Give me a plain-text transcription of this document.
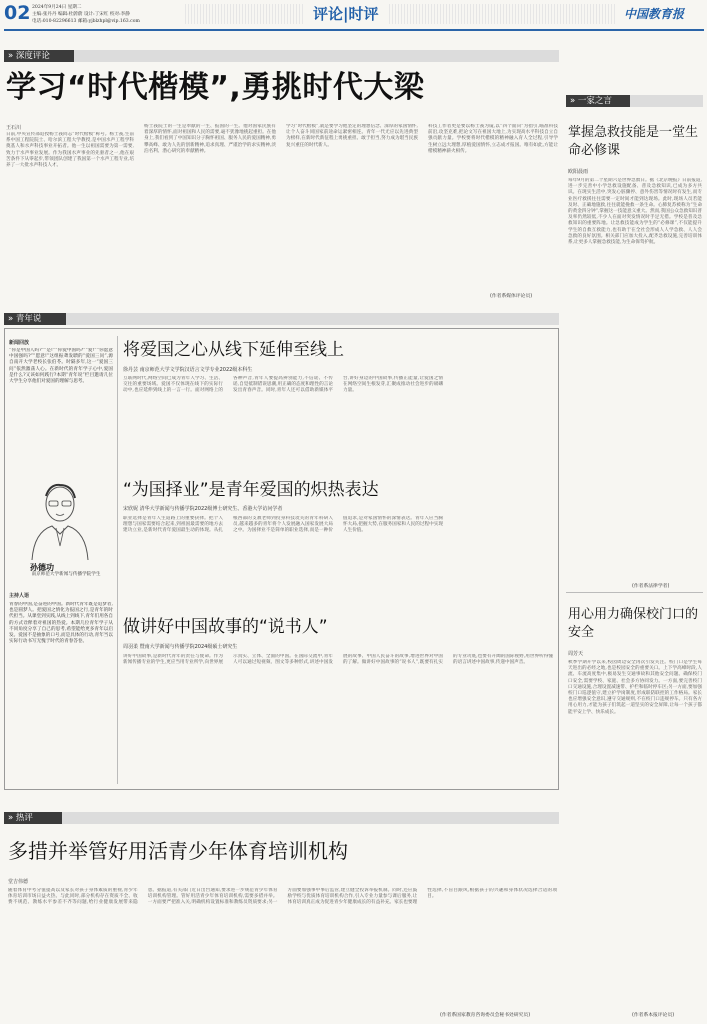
02 2024年9月24日 星期二
主编:张丹丹 编辑:杜蔚蔚 设计:丁宋红 校对:李静
电话:010-82296613 邮箱:yjblzhpl@vip.163.com	评论|时评	中国教育报
» 深度评论
学习“时代楷模”,勇挑时代大梁
王石川
日前,中央宣传部追授杨士莪同志“时代楷模”称号。杨士莪,生前系中国工程院院士、哈尔滨工程大学教授,是中国水声工程学科奠基人和水声科技事业开拓者。他一生以祖国需要为第一需要,致力于水声事业发展。作为我国水声事业的先驱者之一,他在艰苦条件下从零起步,带领团队创建了我国第一个水声工程专业,培养了一大批水声科技人才。
杨士莪院士的一生是奉献的一生、报国的一生。他对国家民族有着深厚的情怀,面对祖国和人民的需要,毫不犹豫地挑起重担。在他身上,我们看到了中国知识分子胸怀祖国、服务人民的爱国精神,勇攀高峰、敢为人先的创新精神,追求真理、严谨治学的求实精神,淡泊名利、潜心研究的奉献精神。
学习“时代楷模”,就是要学习他坚定的理想信念、深厚的家国情怀,让个人奋斗同国家前途命运紧密相连。青年一代尤应以先进典型为榜样,在新时代新征程上勇挑重担、敢于担当,努力成为堪当民族复兴重任的时代新人。
科技工作者更是要以杨士莪为镜,以“四个面向”为指引,瞄准科技前沿,攻坚克难,把论文写在祖国大地上,为实现高水平科技自立自强贡献力量。学校要将时代楷模的精神融入育人全过程,引导学生树立远大理想,厚植爱国情怀,立志成才报国。唯有如此,方能让楷模精神薪火相传。
(作者系媒体评论员)
» 青年说
新闻回放
“你是中国人吗?”“是!”“你爱中国吗?”“爱!”“你愿意中国强吗?”“愿意!”这组振聋发聩的“爱国三问”,源自南开大学老校长张伯苓。时隔多年,这一“爱国三问”依然激荡人心。在新时代的青年学子心中,爱国是什么?又该如何践行?本期“青年说”栏目邀请几位大学生分享他们对爱国的理解与思考。
孙德功
南京师范大学新闻与传播学院学生
主持人语
青春的中国,是奋进的中国。新时代青年既是追梦者,也是圆梦人。把爱国之情化为报国之行,是青年的时代担当。从课堂到实践,从线上到线下,青年们用各自的方式诠释着对祖国的热爱。本期几位青年学子从不同角度分享了自己的思考,希望能给更多青年以启发。爱国不是抽象的口号,而是具体的行动,青年当以实际行动书写无愧于时代的青春答卷。
将爱国之心从线下延伸至线上
徐丹芸 南京师范大学文学院汉语言文学专业2022级本科生
互联网时代,网络空间已成为青年人学习、生活、交往的重要场域。爱国不仅体现在线下的实际行动中,也应延伸到线上的一言一行。面对网络上的各种声音,青年人要提高辨别能力,不信谣、不传谣,自觉抵制错误思潮,用正确的态度和理性的言论发出青春声音。同时,青年人还可以借助新媒体平台,讲好身边的中国故事,传播正能量,让爱国之情在网络空间生根发芽,汇聚成推动社会进步的磅礴力量。
“为国择业”是青年爱国的炽热表达
宋欣妮 清华大学新闻与传播学院2022级博士研究生、香港大学访问学者
职业选择是青年人生道路上的重要抉择。把个人理想与国家需要结合起来,到祖国最需要的地方去建功立业,是新时代青年爱国最生动的体现。从扎根西部的支教老师到投身科技攻关的青年科研人员,越来越多的青年将个人发展融入国家发展大局之中。为国择业不是简单的职业选择,而是一种价值追求,是对家国情怀的深情表达。青年人应当胸怀大局,把握大势,在服务国家和人民的过程中实现人生价值。
做讲好中国故事的“说书人”
周羽柔 暨南大学新闻与传播学院2024级硕士研究生
讲好中国故事,是新时代青年的责任与使命。作为新闻传播专业的学生,更应当用专业所学,向世界展示真实、立体、全面的中国。在国际交流中,青年人可以通过短视频、图文等多种形式,讲述中国发展的故事、中国人民奋斗的故事,增进世界对中国的了解。做讲好中国故事的“说书人”,既要有扎实的专业功底,也要有开阔的国际视野,用世界听得懂的语言讲述中国故事,传递中国声音。
» 一家之言
掌握急救技能是一堂生命必修课
欧阳晨雨
每年9月的第二个星期六是世界急救日。据《北京晚报》日前报道,进一步完善中小学急救设施配备、普及急救知识,已成为多方共识。在现实生活中,突发心脏骤停、意外伤害等情况时有发生,而专业医疗救援往往需要一定时间才能到达现场。此时,现场人员若能及时、正确地施救,往往就能挽救一条生命。心肺复苏被称为“生命的黄金四分钟”,掌握这一技能意义重大。然而,我国公众急救知识普及率仍然较低,不少人在面对突发情况时手足无措。学校是普及急救知识的重要阵地。让急救技能成为学生的“必修课”,不仅能提升学生的自救互救能力,也有助于在全社会形成人人学急救、人人会急救的良好氛围。相关部门应加大投入,配齐急救设施,完善培训体系,让更多人掌握急救技能,为生命保驾护航。
(作者系法律学者)
用心用力确保校门口的安全
周芳天
秋季学期开学以来,校园周边安全再次引发关注。校门口是学生每天进出的必经之地,也是校园安全的重要关口。上下学高峰时段,人流、车流高度集中,极易发生交通事故和其他安全问题。确保校门口安全,需要学校、家庭、社会多方协同发力。一方面,要完善校门口交通设施,合理设置减速带、护栏和临时停车区;另一方面,要加强校门口巡逻值守,建立护学岗制度,形成联防联控的工作格局。家长也应增强安全意识,遵守交通规则,不在校门口违规停车。只有各方用心用力,才能为孩子们筑起一道坚实的安全屏障,让每一个孩子都能平安上学、快乐成长。
(作者系本报评论员)
» 热评
多措并举管好用活青少年体育培训机构
堂吉伟德
随着体育中考分值提高以及家长对孩子身体素质的重视,青少年体育培训市场日益火热。与此同时,部分机构存在资质不全、收费不规范、教练水平参差不齐等问题,给行业健康发展带来隐患。据报道,有关部门近日出台通知,要求进一步规范青少年体育培训机构管理。管好用活青少年体育培训机构,需要多措并举。一方面要严把准入关,明确机构设置标准和教练员资质要求;另一方面要加强事中事后监管,建立健全投诉举报机制。同时,还应鼓励学校与优质体育培训机构合作,引入专业力量参与课后服务,让体育培训真正成为促进青少年健康成长的有益补充。家长也要理性选择,不盲目跟风,根据孩子的兴趣和身体状况选择合适的项目。
(作者系国家教育咨询委员会秘书处研究员)
